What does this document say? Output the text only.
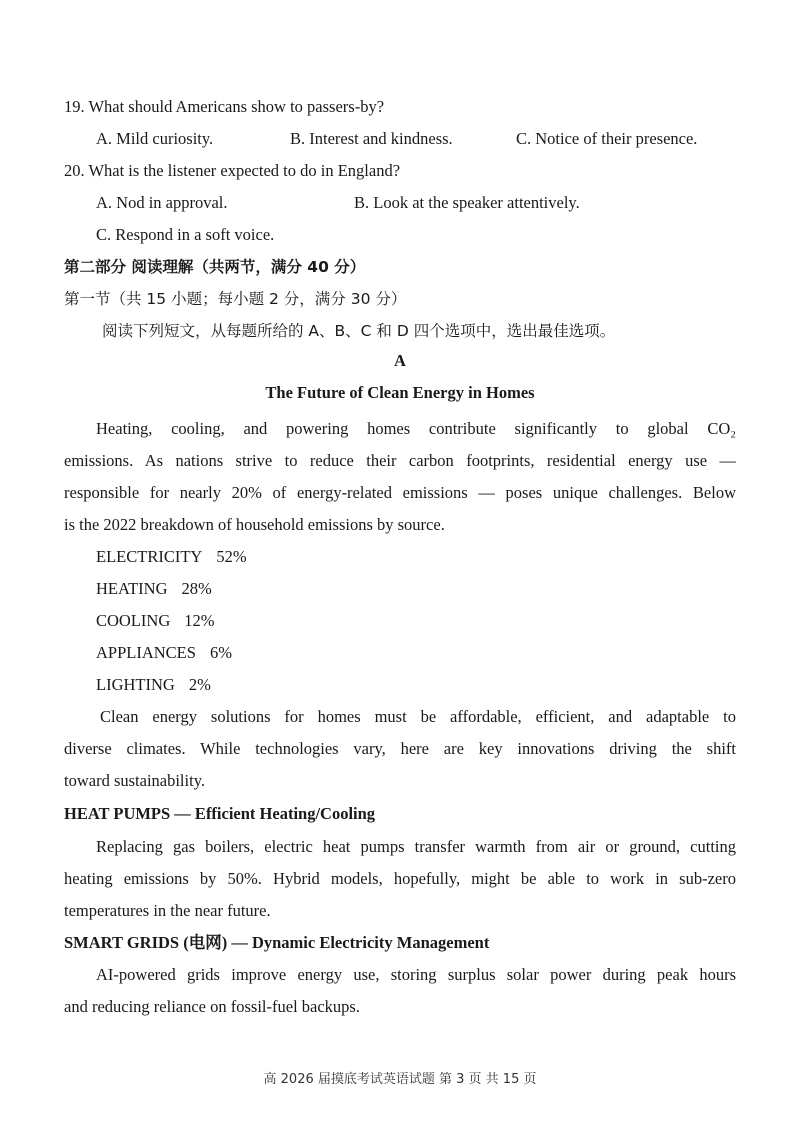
19. What should Americans show to passers-by?
A. Mild curiosity.	B. Interest and kindness.	C. Notice of their presence.
20. What is the listener expected to do in England?
A. Nod in approval.	B. Look at the speaker attentively.
C. Respond in a soft voice.
第二部分 阅读理解（共两节，满分 40 分）
第一节（共 15 小题；每小题 2 分，满分 30 分）
阅读下列短文，从每题所给的 A、B、C 和 D 四个选项中，选出最佳选项。
A
The Future of Clean Energy in Homes
Heating, cooling, and powering homes contribute significantly to global CO₂
emissions. As nations strive to reduce their carbon footprints, residential energy use —
responsible for nearly 20% of energy-related emissions — poses unique challenges. Below
is the 2022 breakdown of household emissions by source.
ELECTRICITY 52%
HEATING 28%
COOLING 12%
APPLIANCES 6%
LIGHTING 2%
Clean energy solutions for homes must be affordable, efficient, and adaptable to
diverse climates. While technologies vary, here are key innovations driving the shift
toward sustainability.
HEAT PUMPS — Efficient Heating/Cooling
Replacing gas boilers, electric heat pumps transfer warmth from air or ground, cutting
heating emissions by 50%. Hybrid models, hopefully, might be able to work in sub-zero
temperatures in the near future.
SMART GRIDS (电网) — Dynamic Electricity Management
AI-powered grids improve energy use, storing surplus solar power during peak hours
and reducing reliance on fossil-fuel backups.
高 2026 届摸底考试英语试题 第 3 页 共 15 页
